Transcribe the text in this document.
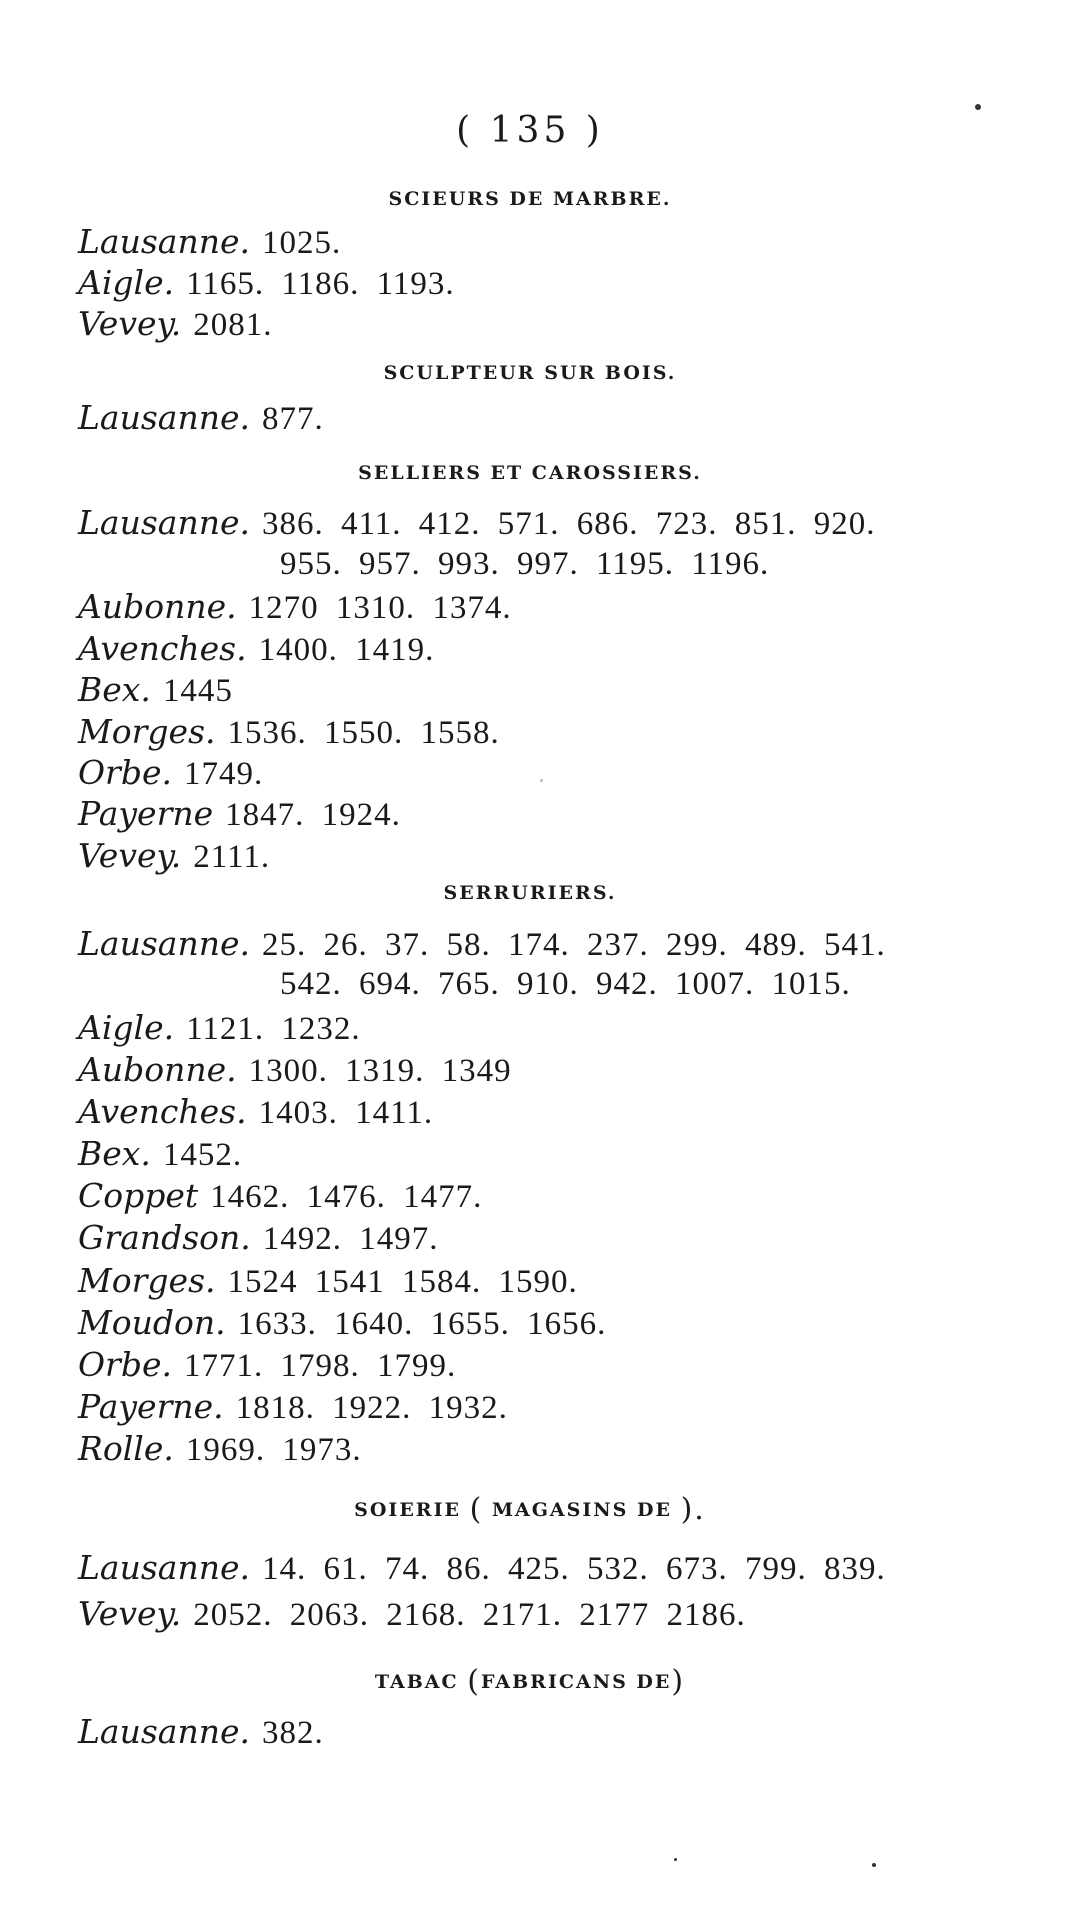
( 135 )
SCIEURS DE MARBRE.
Lausanne. 1025.
Aigle. 1165. 1186. 1193.
Vevey. 2081.
SCULPTEUR SUR BOIS.
Lausanne. 877.
SELLIERS ET CAROSSIERS.
Lausanne. 386. 411. 412. 571. 686. 723. 851. 920.
955. 957. 993. 997. 1195. 1196.
Aubonne. 1270 1310. 1374.
Avenches. 1400. 1419.
Bex. 1445
Morges. 1536. 1550. 1558.
Orbe. 1749.
Payerne 1847. 1924.
Vevey. 2111.
SERRURIERS.
Lausanne. 25. 26. 37. 58. 174. 237. 299. 489. 541.
542. 694. 765. 910. 942. 1007. 1015.
Aigle. 1121. 1232.
Aubonne. 1300. 1319. 1349
Avenches. 1403. 1411.
Bex. 1452.
Coppet 1462. 1476. 1477.
Grandson. 1492. 1497.
Morges. 1524 1541 1584. 1590.
Moudon. 1633. 1640. 1655. 1656.
Orbe. 1771. 1798. 1799.
Payerne. 1818. 1922. 1932.
Rolle. 1969. 1973.
SOIERIE ( MAGASINS DE ).
Lausanne. 14. 61. 74. 86. 425. 532. 673. 799. 839.
Vevey. 2052. 2063. 2168. 2171. 2177 2186.
TABAC (FABRICANS DE)
Lausanne. 382.
